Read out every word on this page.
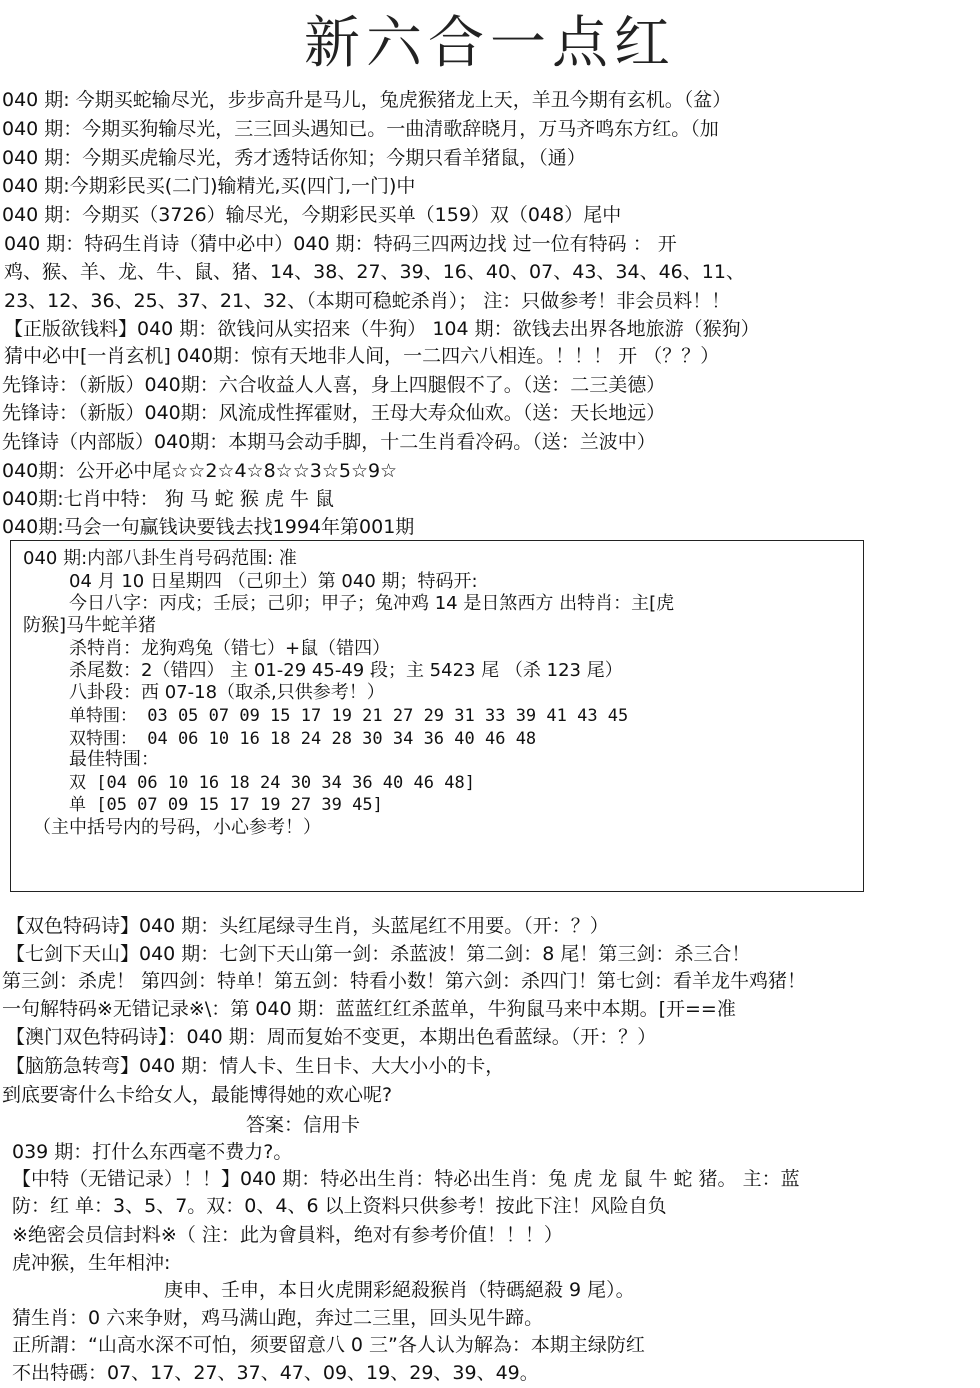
新六合一点红
040 期: 今期买蛇输尽光，步步高升是马儿，兔虎猴猪龙上天，羊丑今期有玄机。（盆）
040 期：今期买狗输尽光，三三回头遇知已。一曲清歌辞晓月，万马齐鸣东方红。（加
040 期：今期买虎输尽光，秀才透特话你知；今期只看羊猪鼠，（通）
040 期:今期彩民买(二门)输精光,买(四门,一门)中
040 期：今期买（3726）输尽光，今期彩民买单（159）双（048）尾中
040 期：特码生肖诗（猜中必中）040 期：特码三四两边找 过一位有特码 ： 开
鸡、猴、羊、龙、牛、鼠、猪、14、38、27、39、16、40、07、43、34、46、11、
23、12、36、25、37、21、32、（本期可稳蛇杀肖）； 注：只做参考！非会员料！！
【正版欲钱料】040 期：欲钱问从实招来（牛狗） 104 期：欲钱去出界各地旅游（猴狗）
猜中必中[一肖玄机] 040期：惊有天地非人间，一二四六八相连。！！！ 开 （？？）
先锋诗：（新版）040期：六合收益人人喜，身上四腿假不了。（送：二三美德）
先锋诗：（新版）040期：风流成性挥霍财，王母大寿众仙欢。（送：天长地远）
先锋诗（内部版）040期：本期马会动手脚，十二生肖看冷码。（送：兰波中）
040期：公开必中尾☆☆2☆4☆8☆☆3☆5☆9☆
040期:七肖中特： 狗 马 蛇 猴 虎 牛 鼠
040期:马会一句赢钱诀要钱去找1994年第001期
040 期:内部八卦生肖号码范围: 准
04 月 10 日星期四 （己卯土）第 040 期；特码开:
今日八字：丙戌；壬辰；己卯；甲子；兔冲鸡 14 是日煞西方 出特肖：主[虎
防猴]马牛蛇羊猪
杀特肖：龙狗鸡兔（错七）+鼠（错四）
杀尾数：2（错四） 主 01-29 45-49 段；主 5423 尾 （杀 123 尾）
八卦段：西 07-18（取杀,只供参考！）
单特围： 03 05 07 09 15 17 19 21 27 29 31 33 39 41 43 45
双特围： 04 06 10 16 18 24 28 30 34 36 40 46 48
最佳特围：
双 [04 06 10 16 18 24 30 34 36 40 46 48]
单 [05 07 09 15 17 19 27 39 45]
（主中括号内的号码，小心参考！）
【双色特码诗】040 期：头红尾绿寻生肖，头蓝尾红不用要。（开：？）
【七剑下天山】040 期：七剑下天山第一剑：杀蓝波！第二剑：8 尾！第三剑：杀三合！
第三剑：杀虎！ 第四剑：特单！第五剑：特看小数！第六剑：杀四门！第七剑：看羊龙牛鸡猪！
一句解特码※无错记录※\：第 040 期：蓝蓝红红杀蓝单，牛狗鼠马来中本期。[开==准
【澳门双色特码诗】：040 期：周而复始不变更，本期出色看蓝绿。（开：？）
【脑筋急转弯】040 期：情人卡、生日卡、大大小小的卡，
到底要寄什么卡给女人，最能博得她的欢心呢?
答案：信用卡
039 期：打什么东西毫不费力?。
【中特（无错记录）！！】040 期：特必出生肖：特必出生肖：兔 虎 龙 鼠 牛 蛇 猪。 主：蓝
防：红 单：3、5、7。双：0、4、6 以上资料只供参考！按此下注！风险自负
※绝密会员信封料※（ 注：此为會員料，绝对有参考价值！！！）
虎冲猴，生年相沖:
庚申、壬申，本日火虎開彩絕殺猴肖（特碼絕殺 9 尾）。
猜生肖：0 六来争财，鸡马满山跑，奔过二三里，回头见牛蹄。
正所謂：“山高水深不可怕，须要留意八 0 三”各人认为解為：本期主绿防红
不出特碼：07、17、27、37、47、09、19、29、39、49。
